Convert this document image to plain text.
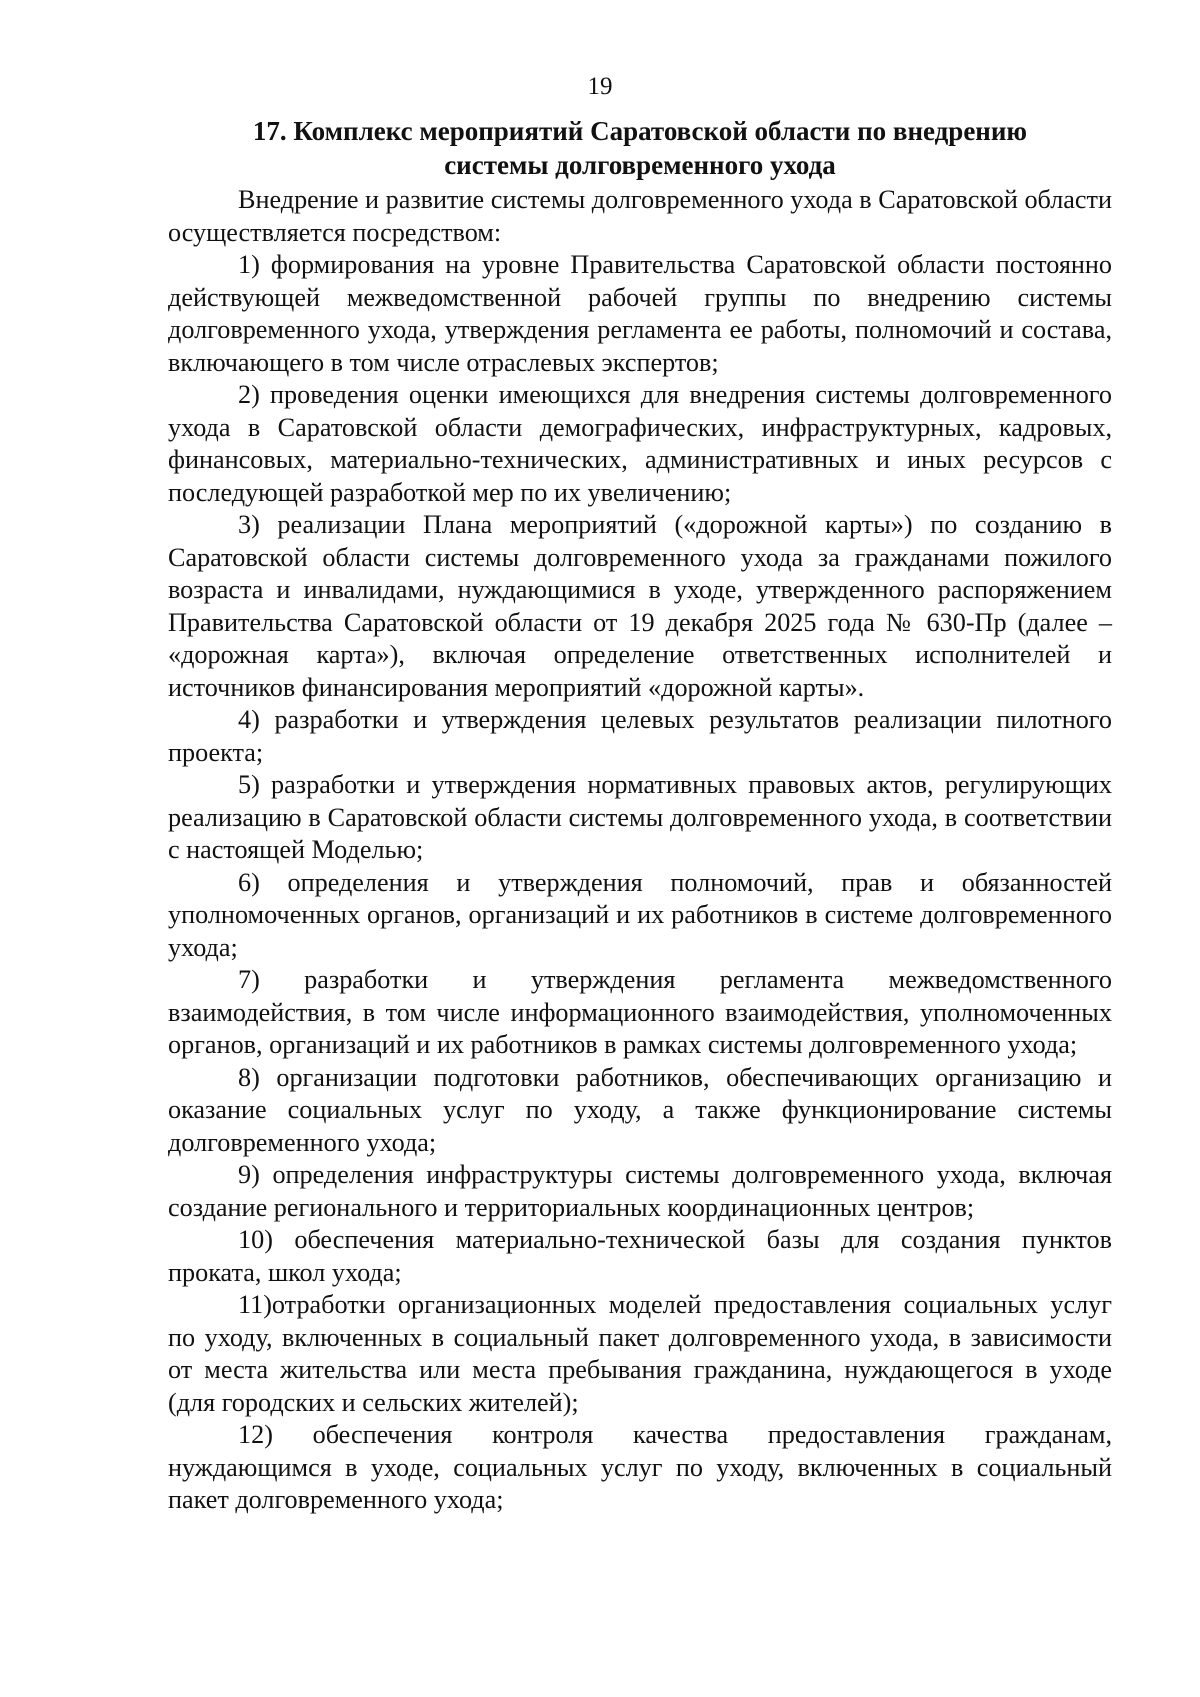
19
17. Комплекс мероприятий Саратовской области по внедрению
системы долговременного ухода

Внедрение и развитие системы долговременного ухода в Саратовской области осуществляется посредством:

1) формирования на уровне Правительства Саратовской области постоянно действующей межведомственной рабочей группы по внедрению системы долговременного ухода, утверждения регламента ее работы, полномочий и состава, включающего в том числе отраслевых экспертов;

2) проведения оценки имеющихся для внедрения системы долговременного ухода в Саратовской области демографических, инфраструктурных, кадровых, финансовых, материально-технических, административных и иных ресурсов с последующей разработкой мер по их увеличению;

3) реализации Плана мероприятий («дорожной карты») по созданию в Саратовской области системы долговременного ухода за гражданами пожилого возраста и инвалидами, нуждающимися в уходе, утвержденного распоряжением Правительства Саратовской области от 19 декабря 2025 года № 630-Пр (далее – «дорожная карта»), включая определение ответственных исполнителей и источников финансирования мероприятий «дорожной карты».

4) разработки и утверждения целевых результатов реализации пилотного проекта;

5) разработки и утверждения нормативных правовых актов, регулирующих реализацию в Саратовской области системы долговременного ухода, в соответствии с настоящей Моделью;

6) определения и утверждения полномочий, прав и обязанностей уполномоченных органов, организаций и их работников в системе долговременного ухода;

7) разработки и утверждения регламента межведомственного взаимодействия, в том числе информационного взаимодействия, уполномоченных органов, организаций и их работников в рамках системы долговременного ухода;

8) организации подготовки работников, обеспечивающих организацию и оказание социальных услуг по уходу, а также функционирование системы долговременного ухода;

9) определения инфраструктуры системы долговременного ухода, включая создание регионального и территориальных координационных центров;

10) обеспечения материально-технической базы для создания пунктов проката, школ ухода;

11)отработки организационных моделей предоставления социальных услуг по уходу, включенных в социальный пакет долговременного ухода, в зависимости от места жительства или места пребывания гражданина, нуждающегося в уходе (для городских и сельских жителей);

12) обеспечения контроля качества предоставления гражданам, нуждающимся в уходе, социальных услуг по уходу, включенных в социальный пакет долговременного ухода;
